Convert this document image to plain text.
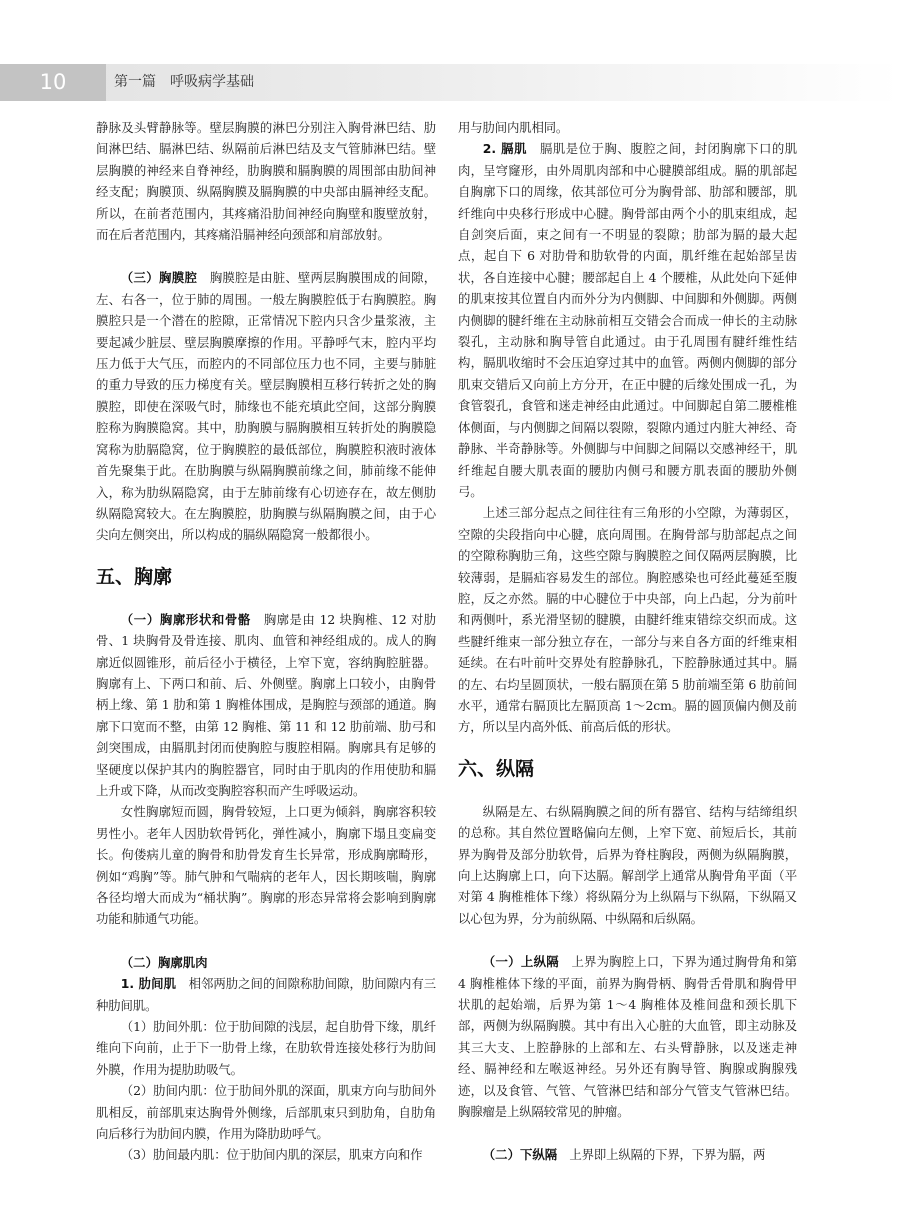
10	第一篇　呼吸病学基础

静脉及头臂静脉等。壁层胸膜的淋巴分别注入胸骨淋巴结、肋间淋巴结、膈淋巴结、纵隔前后淋巴结及支气管肺淋巴结。壁层胸膜的神经来自脊神经，肋胸膜和膈胸膜的周围部由肋间神经支配；胸膜顶、纵隔胸膜及膈胸膜的中央部由膈神经支配。所以，在前者范围内，其疼痛沿肋间神经向胸壁和腹壁放射，而在后者范围内，其疼痛沿膈神经向颈部和肩部放射。

（三）胸膜腔　 胸膜腔是由脏、壁两层胸膜围成的间隙，左、右各一，位于肺的周围。一般左胸膜腔低于右胸膜腔。胸膜腔只是一个潜在的腔隙，正常情况下腔内只含少量浆液，主要起减少脏层、壁层胸膜摩擦的作用。平静呼气末，腔内平均压力低于大气压，而腔内的不同部位压力也不同，主要与肺脏的重力导致的压力梯度有关。壁层胸膜相互移行转折之处的胸膜腔，即使在深吸气时，肺缘也不能充填此空间，这部分胸膜腔称为胸膜隐窝。其中，肋胸膜与膈胸膜相互转折处的胸膜隐窝称为肋膈隐窝，位于胸膜腔的最低部位，胸膜腔积液时液体首先聚集于此。在肋胸膜与纵隔胸膜前缘之间，肺前缘不能伸入，称为肋纵隔隐窝，由于左肺前缘有心切迹存在，故左侧肋纵隔隐窝较大。在左胸膜腔，肋胸膜与纵隔胸膜之间，由于心尖向左侧突出，所以构成的膈纵隔隐窝一般都很小。

五、胸廓

（一）胸廓形状和骨骼　 胸廓是由 12 块胸椎、12 对肋骨、1 块胸骨及骨连接、肌肉、血管和神经组成的。成人的胸廓近似圆锥形，前后径小于横径，上窄下宽，容纳胸腔脏器。胸廓有上、下两口和前、后、外侧壁。胸廓上口较小，由胸骨柄上缘、第 1 肋和第 1 胸椎体围成，是胸腔与颈部的通道。胸廓下口宽而不整，由第 12 胸椎、第 11 和 12 肋前端、肋弓和剑突围成，由膈肌封闭而使胸腔与腹腔相隔。胸廓具有足够的坚硬度以保护其内的胸腔器官，同时由于肌肉的作用使肋和膈上升或下降，从而改变胸腔容积而产生呼吸运动。

女性胸廓短而圆，胸骨较短，上口更为倾斜，胸廓容积较男性小。老年人因肋软骨钙化，弹性减小，胸廓下塌且变扁变长。佝偻病儿童的胸骨和肋骨发育生长异常，形成胸廓畸形，例如“鸡胸”等。肺气肿和气喘病的老年人，因长期咳喘，胸廓各径均增大而成为“桶状胸”。胸廓的形态异常将会影响到胸廓功能和肺通气功能。

（二）胸廓肌肉

1. 肋间肌　 相邻两肋之间的间隙称肋间隙，肋间隙内有三种肋间肌。

（1）肋间外肌：位于肋间隙的浅层，起自肋骨下缘，肌纤维向下向前，止于下一肋骨上缘，在肋软骨连接处移行为肋间外膜，作用为提肋助吸气。

（2）肋间内肌：位于肋间外肌的深面，肌束方向与肋间外肌相反，前部肌束达胸骨外侧缘，后部肌束只到肋角，自肋角向后移行为肋间内膜，作用为降肋助呼气。

（3）肋间最内肌：位于肋间内肌的深层，肌束方向和作

用与肋间内肌相同。

2. 膈肌　 膈肌是位于胸、腹腔之间，封闭胸廓下口的肌肉，呈穹窿形，由外周肌肉部和中心腱膜部组成。膈的肌部起自胸廓下口的周缘，依其部位可分为胸骨部、肋部和腰部，肌纤维向中央移行形成中心腱。胸骨部由两个小的肌束组成，起自剑突后面，束之间有一不明显的裂隙；肋部为膈的最大起点，起自下 6 对肋骨和肋软骨的内面，肌纤维在起始部呈齿状，各自连接中心腱；腰部起自上 4 个腰椎，从此处向下延伸的肌束按其位置自内而外分为内侧脚、中间脚和外侧脚。两侧内侧脚的腱纤维在主动脉前相互交错会合而成一伸长的主动脉裂孔，主动脉和胸导管自此通过。由于孔周围有腱纤维性结构，膈肌收缩时不会压迫穿过其中的血管。两侧内侧脚的部分肌束交错后又向前上方分开，在正中腱的后缘处围成一孔，为食管裂孔，食管和迷走神经由此通过。中间脚起自第二腰椎椎体侧面，与内侧脚之间隔以裂隙，裂隙内通过内脏大神经、奇静脉、半奇静脉等。外侧脚与中间脚之间隔以交感神经干，肌纤维起自腰大肌表面的腰肋内侧弓和腰方肌表面的腰肋外侧弓。

上述三部分起点之间往往有三角形的小空隙，为薄弱区，空隙的尖段指向中心腱，底向周围。在胸骨部与肋部起点之间的空隙称胸肋三角，这些空隙与胸膜腔之间仅隔两层胸膜，比较薄弱，是膈疝容易发生的部位。胸腔感染也可经此蔓延至腹腔，反之亦然。膈的中心腱位于中央部，向上凸起，分为前叶和两侧叶，系光滑坚韧的腱膜，由腱纤维束错综交织而成。这些腱纤维束一部分独立存在，一部分与来自各方面的纤维束相延续。在右叶前叶交界处有腔静脉孔，下腔静脉通过其中。膈的左、右均呈圆顶状，一般右膈顶在第 5 肋前端至第 6 肋前间水平，通常右膈顶比左膈顶高 1～2cm。膈的圆顶偏内侧及前方，所以呈内高外低、前高后低的形状。

六、纵隔

纵隔是左、右纵隔胸膜之间的所有器官、结构与结缔组织的总称。其自然位置略偏向左侧，上窄下宽、前短后长，其前界为胸骨及部分肋软骨，后界为脊柱胸段，两侧为纵隔胸膜，向上达胸廓上口，向下达膈。解剖学上通常从胸骨角平面（平对第 4 胸椎椎体下缘）将纵隔分为上纵隔与下纵隔，下纵隔又以心包为界，分为前纵隔、中纵隔和后纵隔。

（一）上纵隔　 上界为胸腔上口，下界为通过胸骨角和第 4 胸椎椎体下缘的平面，前界为胸骨柄、胸骨舌骨肌和胸骨甲状肌的起始端，后界为第 1～4 胸椎体及椎间盘和颈长肌下部，两侧为纵隔胸膜。其中有出入心脏的大血管，即主动脉及其三大支、上腔静脉的上部和左、右头臂静脉，以及迷走神经、膈神经和左喉返神经。另外还有胸导管、胸腺或胸腺残迹，以及食管、气管、气管淋巴结和部分气管支气管淋巴结。胸腺瘤是上纵隔较常见的肿瘤。

（二）下纵隔　 上界即上纵隔的下界，下界为膈，两
